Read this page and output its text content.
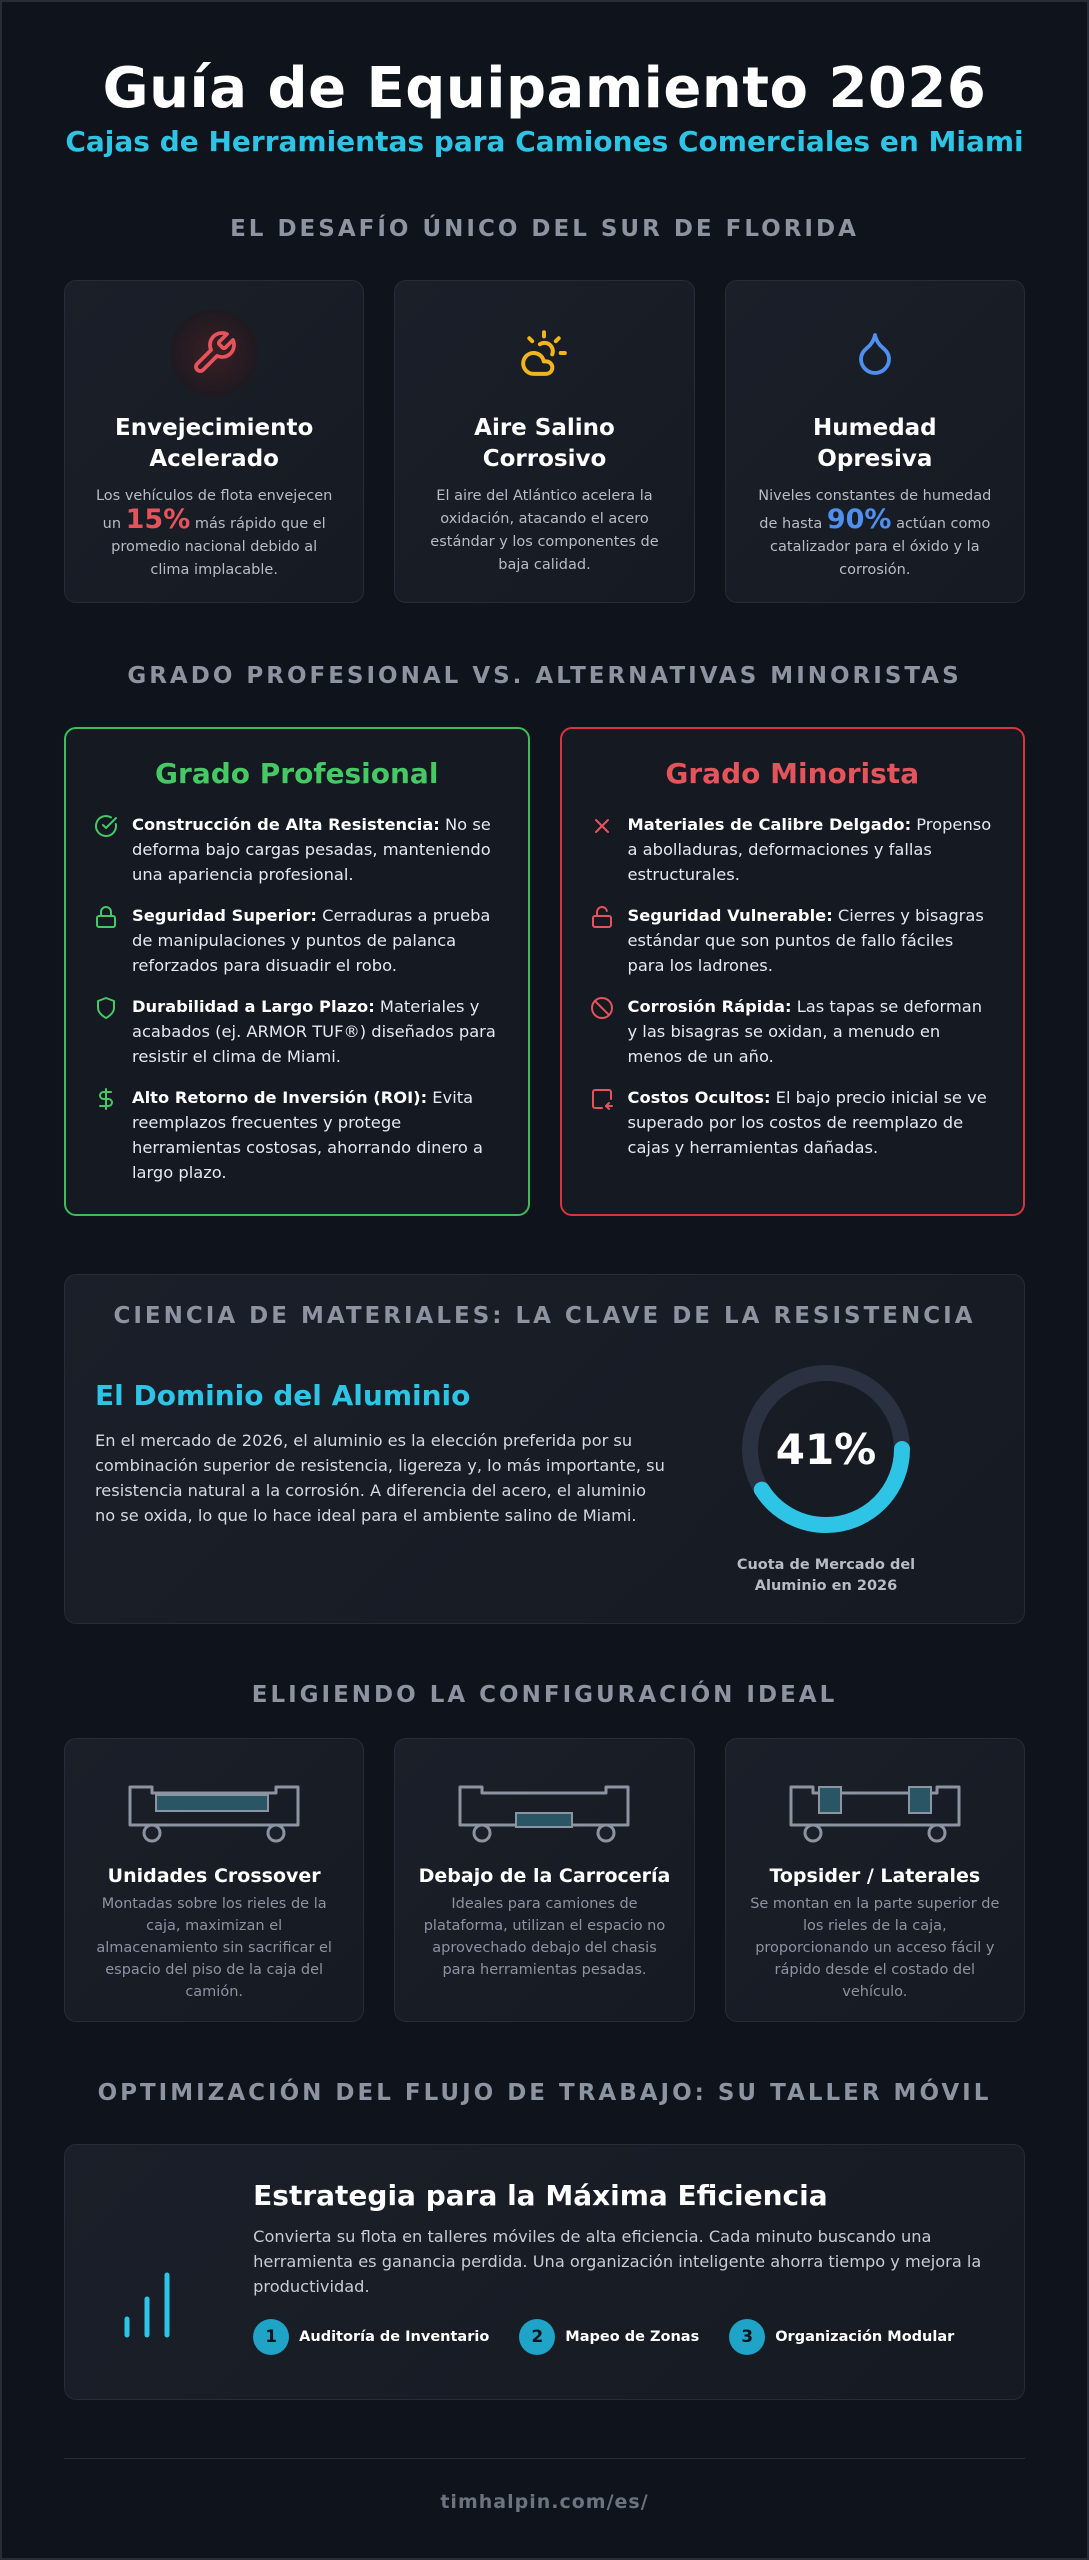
Guía de Equipamiento 2026
Cajas de Herramientas para Camiones Comerciales en Miami
EL DESAFÍO ÚNICO DEL SUR DE FLORIDA
Envejecimiento Acelerado
Los vehículos de flota envejecen un 15% más rápido que el promedio nacional debido al clima implacable.
Aire Salino Corrosivo
El aire del Atlántico acelera la oxidación, atacando el acero estándar y los componentes de baja calidad.
Humedad Opresiva
Niveles constantes de humedad de hasta 90% actúan como catalizador para el óxido y la corrosión.
GRADO PROFESIONAL VS. ALTERNATIVAS MINORISTAS
Grado Profesional
Construcción de Alta Resistencia: No se deforma bajo cargas pesadas, manteniendo una apariencia profesional.
Seguridad Superior: Cerraduras a prueba de manipulaciones y puntos de palanca reforzados para disuadir el robo.
Durabilidad a Largo Plazo: Materiales y acabados (ej. ARMOR TUF®) diseñados para resistir el clima de Miami.
Alto Retorno de Inversión (ROI): Evita reemplazos frecuentes y protege herramientas costosas, ahorrando dinero a largo plazo.
Grado Minorista
Materiales de Calibre Delgado: Propenso a abolladuras, deformaciones y fallas estructurales.
Seguridad Vulnerable: Cierres y bisagras estándar que son puntos de fallo fáciles para los ladrones.
Corrosión Rápida: Las tapas se deforman y las bisagras se oxidan, a menudo en menos de un año.
Costos Ocultos: El bajo precio inicial se ve superado por los costos de reemplazo de cajas y herramientas dañadas.
CIENCIA DE MATERIALES: LA CLAVE DE LA RESISTENCIA
El Dominio del Aluminio

En el mercado de 2026, el aluminio es la elección preferida por su combinación superior de resistencia, ligereza y, lo más importante, su resistencia natural a la corrosión. A diferencia del acero, el aluminio no se oxida, lo que lo hace ideal para el ambiente salino de Miami.

41%
Cuota de Mercado del Aluminio en 2026
ELIGIENDO LA CONFIGURACIÓN IDEAL
Unidades Crossover
Montadas sobre los rieles de la caja, maximizan el almacenamiento sin sacrificar el espacio del piso de la caja del camión.
Debajo de la Carrocería
Ideales para camiones de plataforma, utilizan el espacio no aprovechado debajo del chasis para herramientas pesadas.
Topsider / Laterales
Se montan en la parte superior de los rieles de la caja, proporcionando un acceso fácil y rápido desde el costado del vehículo.
OPTIMIZACIÓN DEL FLUJO DE TRABAJO: SU TALLER MÓVIL
Estrategia para la Máxima Eficiencia

Convierta su flota en talleres móviles de alta eficiencia. Cada minuto buscando una herramienta es ganancia perdida. Una organización inteligente ahorra tiempo y mejora la productividad.

1	Auditoría de Inventario	2	Mapeo de Zonas	3	Organización Modular
timhalpin.com/es/
